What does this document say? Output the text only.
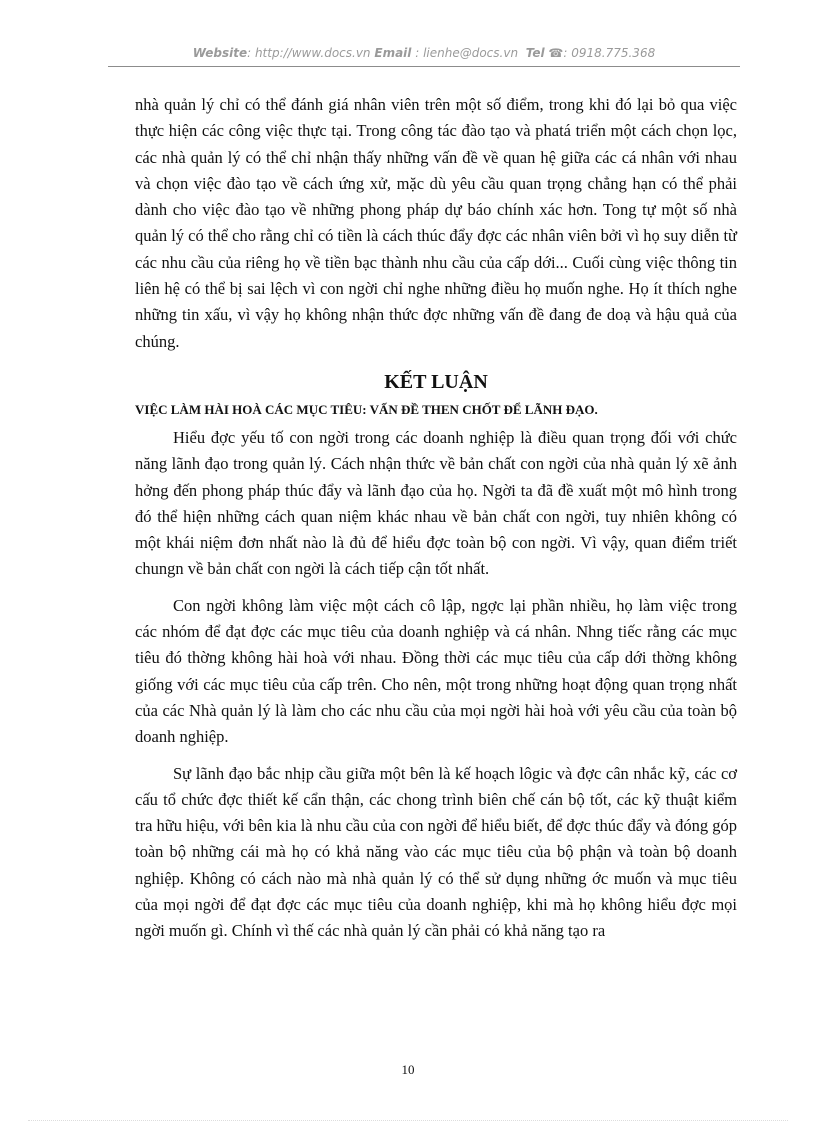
Website: http://www.docs.vn Email : lienhe@docs.vn Tel ☎: 0918.775.368

nhà quản lý chỉ có thể đánh giá nhân viên trên một số điểm, trong khi đó lại bỏ qua việc thực hiện các công việc thực tại. Trong công tác đào tạo và phatá triển một cách chọn lọc, các nhà quản lý có thể chỉ nhận thấy những vấn đề về quan hệ giữa các cá nhân với nhau và chọn việc đào tạo về cách ứng xử, mặc dù yêu cầu quan trọng chẳng hạn có thể phải dành cho việc đào tạo về những phong pháp dự báo chính xác hơn. Tong tự một số nhà quản lý có thể cho rằng chỉ có tiền là cách thúc đẩy đợc các nhân viên bởi vì họ suy diễn từ các nhu cầu của riêng họ về tiền bạc thành nhu cầu của cấp dới... Cuối cùng việc thông tin liên hệ có thể bị sai lệch vì con ngời chỉ nghe những điều họ muốn nghe. Họ ít thích nghe những tin xấu, vì vậy họ không nhận thức đợc những vấn đề đang đe doạ và hậu quả của chúng.

KẾT LUẬN
VIỆC LÀM HÀI HOÀ CÁC MỤC TIÊU: VẤN ĐỀ THEN CHỐT ĐỂ LÃNH ĐẠO.

Hiểu đợc yếu tố con ngời trong các doanh nghiệp là điều quan trọng đối với chức năng lãnh đạo trong quản lý. Cách nhận thức về bản chất con ngời của nhà quản lý xẽ ảnh hởng đến phong pháp thúc đẩy và lãnh đạo của họ. Ngời ta đã đề xuất một mô hình trong đó thể hiện những cách quan niệm khác nhau về bản chất con ngời, tuy nhiên không có một khái niệm đơn nhất nào là đủ để hiểu đợc toàn bộ con ngời. Vì vậy, quan điểm triết chungn về bản chất con ngời là cách tiếp cận tốt nhất.

Con ngời không làm việc một cách cô lập, ngợc lại phần nhiều, họ làm việc trong các nhóm để đạt đợc các mục tiêu của doanh nghiệp và cá nhân. Nhng tiếc rằng các mục tiêu đó thờng không hài hoà với nhau. Đồng thời các mục tiêu của cấp dới thờng không giống với các mục tiêu của cấp trên. Cho nên, một trong những hoạt động quan trọng nhất của các Nhà quản lý là làm cho các nhu cầu của mọi ngời hài hoà với yêu cầu của toàn bộ doanh nghiệp.

Sự lãnh đạo bắc nhịp cầu giữa một bên là kế hoạch lôgic và đợc cân nhắc kỹ, các cơ cấu tổ chức đợc thiết kế cẩn thận, các chong trình biên chế cán bộ tốt, các kỹ thuật kiểm tra hữu hiệu, với bên kia là nhu cầu của con ngời để hiểu biết, để đợc thúc đẩy và đóng góp toàn bộ những cái mà họ có khả năng vào các mục tiêu của bộ phận và toàn bộ doanh nghiệp. Không có cách nào mà nhà quản lý có thể sử dụng những ớc muốn và mục tiêu của mọi ngời để đạt đợc các mục tiêu của doanh nghiệp, khi mà họ không hiểu đợc mọi ngời muốn gì. Chính vì thế các nhà quản lý cần phải có khả năng tạo ra

10
